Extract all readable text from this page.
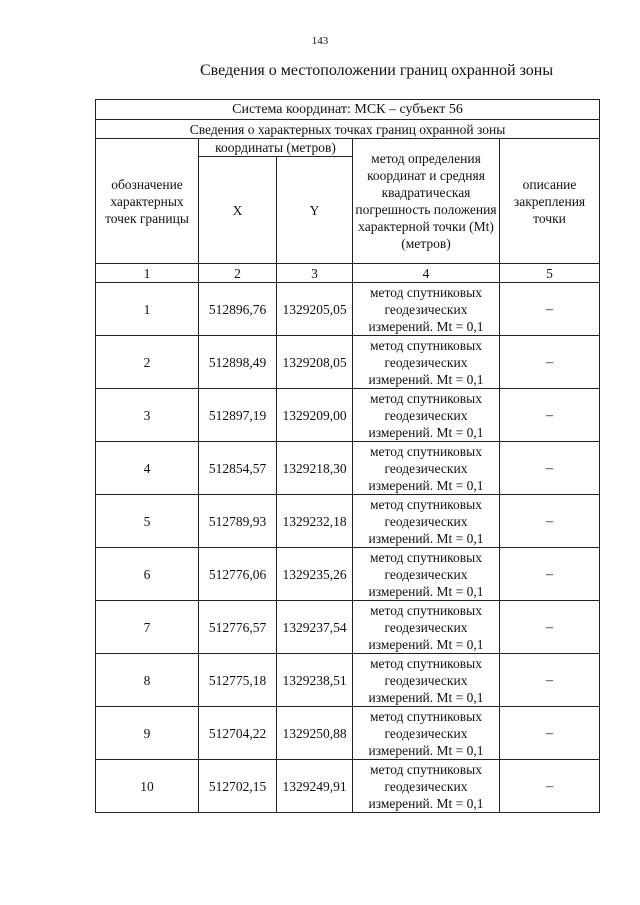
143
Сведения о местоположении границ охранной зоны
Система координат: МСК – субъект 56				
Сведения о характерных точках границ охранной зоны				
обозначение характерных точек границы	координаты (метров)		метод определения координат и средняя квадратическая погрешность положения характерной точки (Mt) (метров)	описание закрепления точки
	X	Y		
1	2	3	4	5
1	512896,76	1329205,05	метод спутниковых геодезических измерений. Mt = 0,1	–
2	512898,49	1329208,05	метод спутниковых геодезических измерений. Mt = 0,1	–
3	512897,19	1329209,00	метод спутниковых геодезических измерений. Mt = 0,1	–
4	512854,57	1329218,30	метод спутниковых геодезических измерений. Mt = 0,1	–
5	512789,93	1329232,18	метод спутниковых геодезических измерений. Mt = 0,1	–
6	512776,06	1329235,26	метод спутниковых геодезических измерений. Mt = 0,1	–
7	512776,57	1329237,54	метод спутниковых геодезических измерений. Mt = 0,1	–
8	512775,18	1329238,51	метод спутниковых геодезических измерений. Mt = 0,1	–
9	512704,22	1329250,88	метод спутниковых геодезических измерений. Mt = 0,1	–
10	512702,15	1329249,91	метод спутниковых геодезических измерений. Mt = 0,1	–
